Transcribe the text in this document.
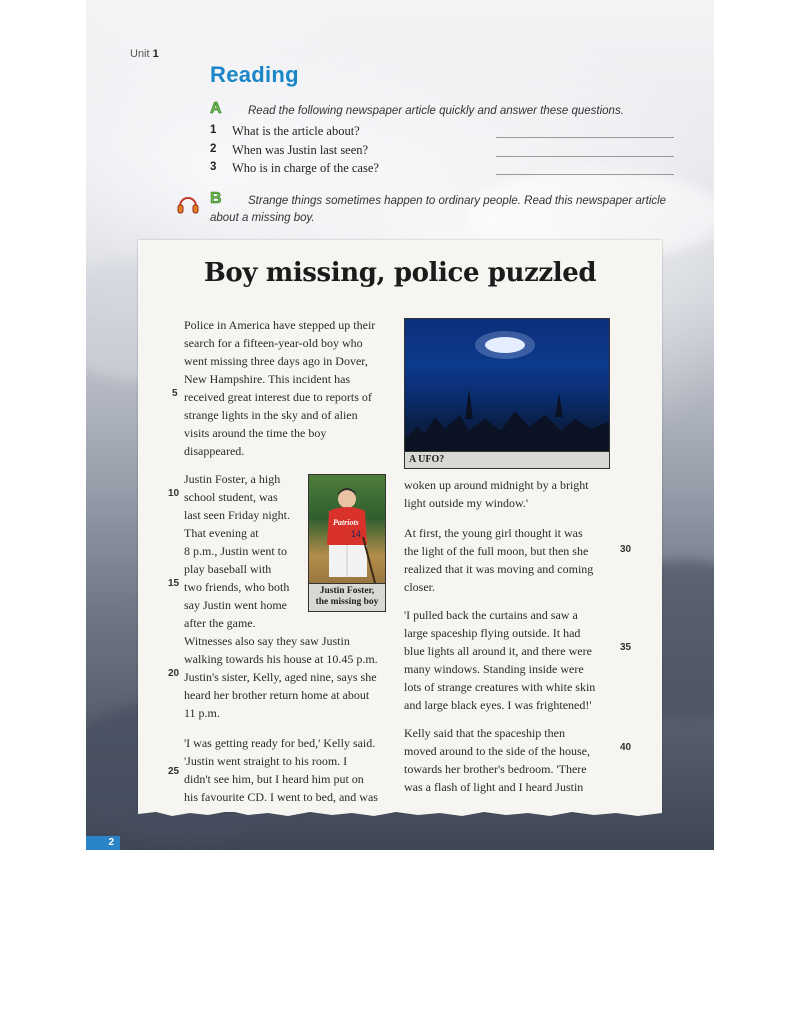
Unit 1
Reading
A Read the following newspaper article quickly and answer these questions.
1	What is the article about?
2	When was Justin last seen?
3	Who is in charge of the case?
B Strange things sometimes happen to ordinary people. Read this newspaper article
about a missing boy.
Boy missing, police puzzled
Police in America have stepped up their
search for a fifteen-year-old boy who
went missing three days ago in Dover,
New Hampshire. This incident has
received great interest due to reports of
strange lights in the sky and of alien
visits around the time the boy
disappeared.
Justin Foster, a high
school student, was
last seen Friday night.
That evening at
8 p.m., Justin went to
play baseball with
two friends, who both
say Justin went home
after the game.
Witnesses also say they saw Justin
walking towards his house at 10.45 p.m.
Justin's sister, Kelly, aged nine, says she
heard her brother return home at about
11 p.m.
'I was getting ready for bed,' Kelly said.
'Justin went straight to his room. I
didn't see him, but I heard him put on
his favourite CD. I went to bed, and was
5
10
15
20
25
A UFO?
Patriots
14
Justin Foster,
the missing boy
woken up around midnight by a bright
light outside my window.'
At first, the young girl thought it was
the light of the full moon, but then she
realized that it was moving and coming
closer.
'I pulled back the curtains and saw a
large spaceship flying outside. It had
blue lights all around it, and there were
many windows. Standing inside were
lots of strange creatures with white skin
and large black eyes. I was frightened!'
Kelly said that the spaceship then
moved around to the side of the house,
towards her brother's bedroom. 'There
was a flash of light and I heard Justin
30
35
40
2
